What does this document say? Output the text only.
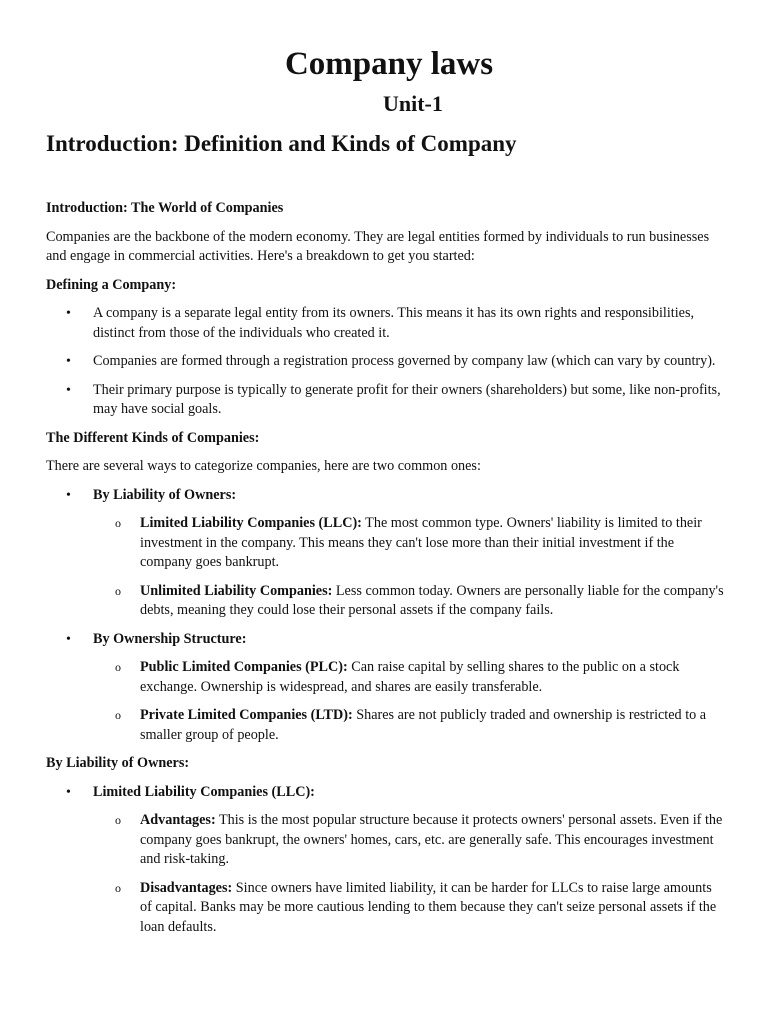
Company laws
Unit-1
Introduction: Definition and Kinds of Company

Introduction: The World of Companies

Companies are the backbone of the modern economy. They are legal entities formed by individuals to run businesses and engage in commercial activities. Here's a breakdown to get you started:

Defining a Company:

• A company is a separate legal entity from its owners. This means it has its own rights and responsibilities, distinct from those of the individuals who created it.
• Companies are formed through a registration process governed by company law (which can vary by country).
• Their primary purpose is typically to generate profit for their owners (shareholders) but some, like non-profits, may have social goals.

The Different Kinds of Companies:

There are several ways to categorize companies, here are two common ones:

• By Liability of Owners:
o Limited Liability Companies (LLC): The most common type. Owners' liability is limited to their investment in the company. This means they can't lose more than their initial investment if the company goes bankrupt.
o Unlimited Liability Companies: Less common today. Owners are personally liable for the company's debts, meaning they could lose their personal assets if the company fails.
• By Ownership Structure:
o Public Limited Companies (PLC): Can raise capital by selling shares to the public on a stock exchange. Ownership is widespread, and shares are easily transferable.
o Private Limited Companies (LTD): Shares are not publicly traded and ownership is restricted to a smaller group of people.

By Liability of Owners:

• Limited Liability Companies (LLC):
o Advantages: This is the most popular structure because it protects owners' personal assets. Even if the company goes bankrupt, the owners' homes, cars, etc. are generally safe. This encourages investment and risk-taking.
o Disadvantages: Since owners have limited liability, it can be harder for LLCs to raise large amounts of capital. Banks may be more cautious lending to them because they can't seize personal assets if the loan defaults.
